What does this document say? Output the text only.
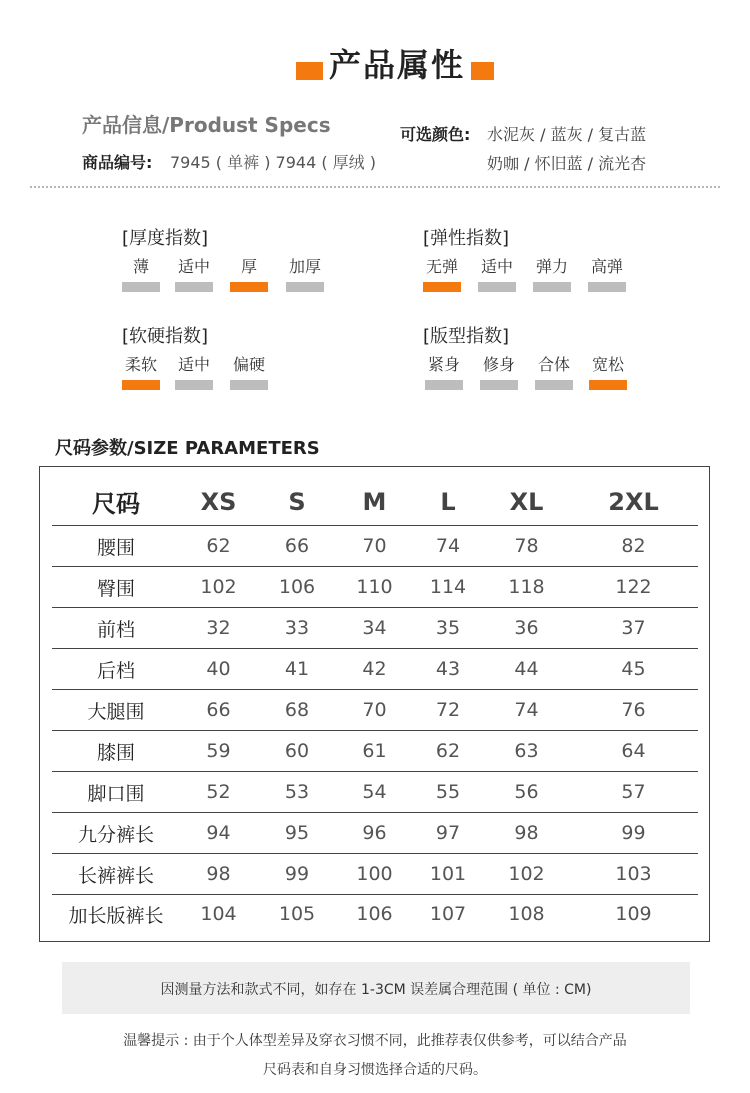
产品属性
产品信息/Produst Specs
商品编号: 7945 ( 单裤 ) 7944 ( 厚绒 )
可选颜色: 水泥灰 / 蓝灰 / 复古蓝
奶咖 / 怀旧蓝 / 流光杏
[厚度指数]
薄	适中	厚	加厚
[弹性指数]
无弹 适中 弹力 高弹
[软硬指数]
柔软 适中 偏硬
[版型指数]
紧身 修身 合体 宽松
尺码参数/SIZE PARAMETERS
尺码	XS	S	M	L	XL	2XL
腰围	62	66	70	74	78	82
臀围	102	106	110	114	118	122
前档	32	33	34	35	36	37
后档	40	41	42	43	44	45
大腿围	66	68	70	72	74	76
膝围	59	60	61	62	63	64
脚口围	52	53	54	55	56	57
九分裤长	94	95	96	97	98	99
长裤裤长	98	99	100	101	102	103
加长版裤长	104	105	106	107	108	109
因测量方法和款式不同，如存在 1-3CM 误差属合理范围 ( 单位 : CM)
温馨提示 : 由于个人体型差异及穿衣习惯不同，此推荐表仅供参考，可以结合产品
尺码表和自身习惯选择合适的尺码。
